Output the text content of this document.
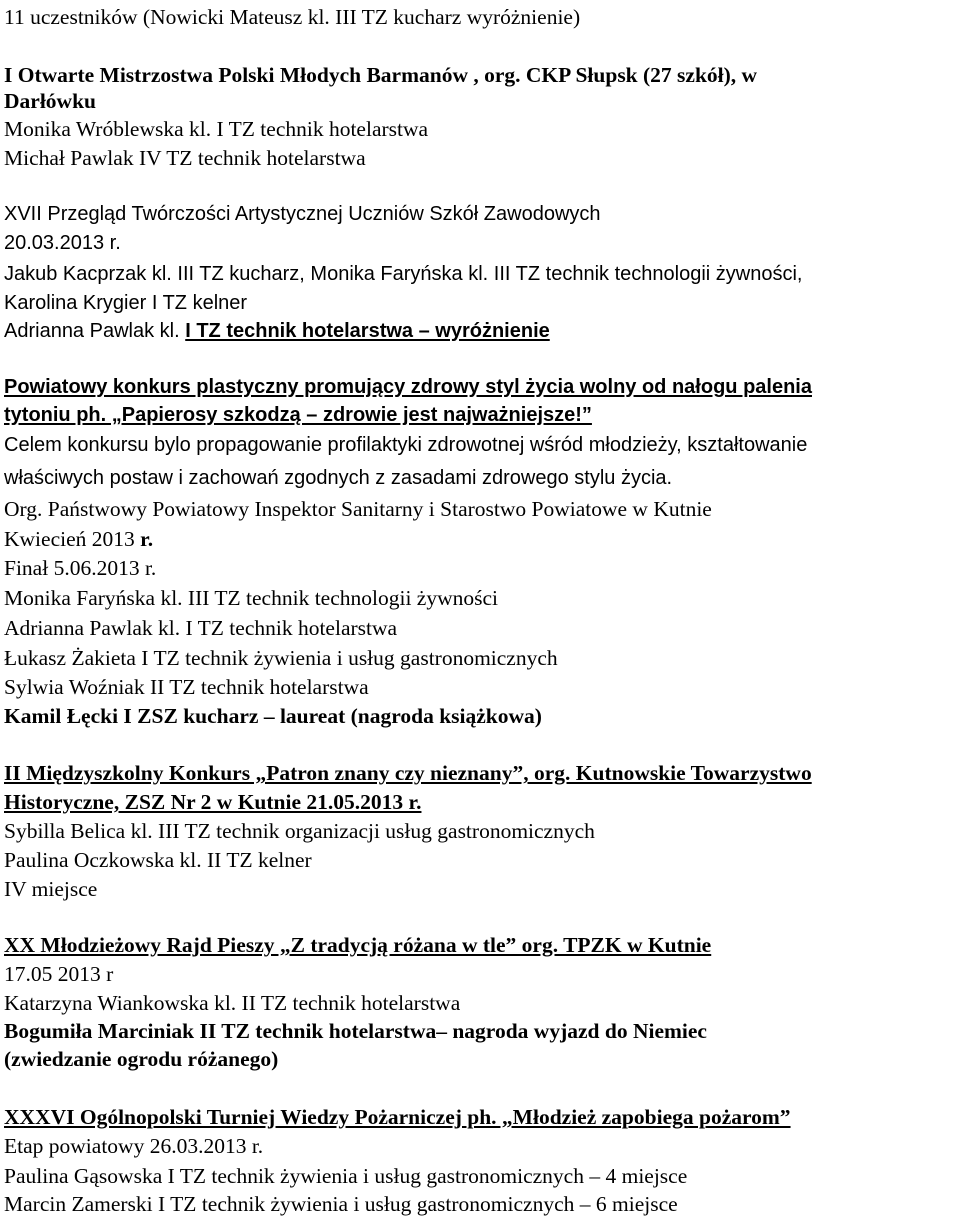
11 uczestników (Nowicki Mateusz kl. III TZ kucharz wyróżnienie)
I Otwarte Mistrzostwa Polski Młodych Barmanów , org. CKP Słupsk (27 szkół), w
Darłówku
Monika Wróblewska kl. I TZ technik hotelarstwa
Michał Pawlak IV TZ technik hotelarstwa
XVII Przegląd Twórczości Artystycznej Uczniów Szkół Zawodowych
20.03.2013 r.
Jakub Kacprzak kl. III TZ kucharz, Monika Faryńska kl. III TZ technik technologii żywności,
Karolina Krygier I TZ kelner
Adrianna Pawlak kl. I TZ technik hotelarstwa – wyróżnienie
Powiatowy konkurs plastyczny promujący zdrowy styl życia wolny od nałogu palenia
tytoniu ph. „Papierosy szkodzą – zdrowie jest najważniejsze!”
Celem konkursu bylo propagowanie profilaktyki zdrowotnej wśród młodzieży, kształtowanie
właściwych postaw i zachowań zgodnych z zasadami zdrowego stylu życia.
Org. Państwowy Powiatowy Inspektor Sanitarny i Starostwo Powiatowe w Kutnie
Kwiecień 2013 r.
Finał 5.06.2013 r.
Monika Faryńska kl. III TZ technik technologii żywności
Adrianna Pawlak kl. I TZ technik hotelarstwa
Łukasz Żakieta I TZ technik żywienia i usług gastronomicznych
Sylwia Woźniak II TZ technik hotelarstwa
Kamil Łęcki I ZSZ kucharz – laureat (nagroda książkowa)
II Międzyszkolny Konkurs „Patron znany czy nieznany”, org. Kutnowskie Towarzystwo
Historyczne, ZSZ Nr 2 w Kutnie 21.05.2013 r.
Sybilla Belica kl. III TZ technik organizacji usług gastronomicznych
Paulina Oczkowska kl. II TZ kelner
IV miejsce
XX Młodzieżowy Rajd Pieszy „Z tradycją różana w tle” org. TPZK w Kutnie
17.05 2013 r
Katarzyna Wiankowska kl. II TZ technik hotelarstwa
Bogumiła Marciniak II TZ technik hotelarstwa– nagroda wyjazd do Niemiec
(zwiedzanie ogrodu różanego)
XXXVI Ogólnopolski Turniej Wiedzy Pożarniczej ph. „Młodzież zapobiega pożarom”
Etap powiatowy 26.03.2013 r.
Paulina Gąsowska I TZ technik żywienia i usług gastronomicznych – 4 miejsce
Marcin Zamerski I TZ technik żywienia i usług gastronomicznych – 6 miejsce
